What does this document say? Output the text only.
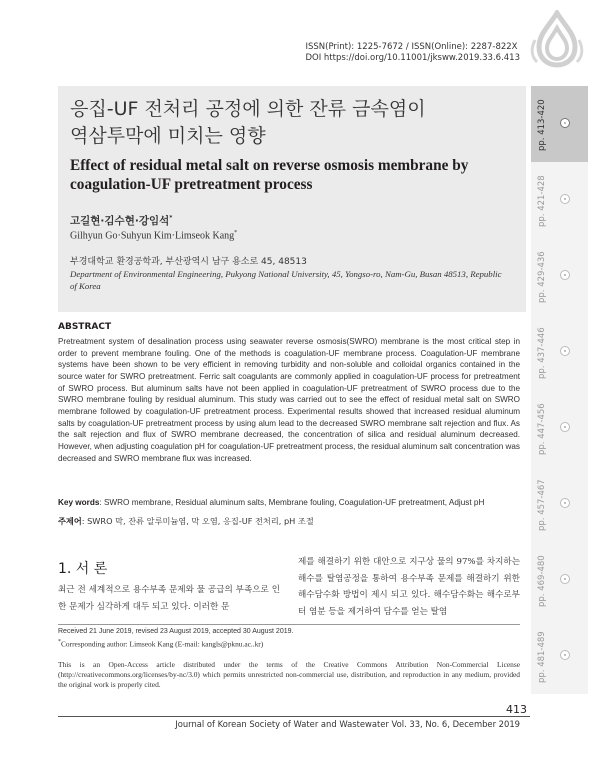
ISSN(Print): 1225-7672 / ISSN(Online): 2287-822X
DOI https://doi.org/10.11001/jksww.2019.33.6.413
응집-UF 전처리 공정에 의한 잔류 금속염이
역삼투막에 미치는 영향
Effect of residual metal salt on reverse osmosis membrane by coagulation-UF pretreatment process
고길현·김수현·강임석*
Gilhyun Go·Suhyun Kim·Limseok Kang*
부경대학교 환경공학과, 부산광역시 남구 용소로 45, 48513
Department of Environmental Engineering, Pukyong National University, 45, Yongso-ro, Nam-Gu, Busan 48513, Republic of Korea
pp. 413-420
pp. 421-428
pp. 429-436
pp. 437-446
pp. 447-456
pp. 457-467
pp. 469-480
pp. 481-489
ABSTRACT

Pretreatment system of desalination process using seawater reverse osmosis(SWRO) membrane is the most critical step in order to prevent membrane fouling. One of the methods is coagulation-UF membrane process. Coagulation-UF membrane systems have been shown to be very efficient in removing turbidity and non-soluble and colloidal organics contained in the source water for SWRO pretreatment. Ferric salt coagulants are commonly applied in coagulation-UF process for pretreatment of SWRO process. But aluminum salts have not been applied in coagulation-UF pretreatment of SWRO process due to the SWRO membrane fouling by residual aluminum. This study was carried out to see the effect of residual metal salt on SWRO membrane followed by coagulation-UF pretreatment process. Experimental results showed that increased residual aluminum salts by coagulation-UF pretreatment process by using alum lead to the decreased SWRO membrane salt rejection and flux. As the salt rejection and flux of SWRO membrane decreased, the concentration of silica and residual aluminum decreased. However, when adjusting coagulation pH for coagulation-UF pretreatment process, the residual aluminum salt concentration was decreased and SWRO membrane flux was increased.

Key words: SWRO membrane, Residual aluminum salts, Membrane fouling, Coagulation-UF pretreatment, Adjust pH
주제어: SWRO 막, 잔류 알루미늄염, 막 오염, 응집-UF 전처리, pH 조절
1. 서 론

최근 전 세계적으로 용수부족 문제와 물 공급의 부족으로 인한 문제가 심각하게 대두 되고 있다. 이러한 문

제를 해결하기 위한 대안으로 지구상 물의 97%를 차지하는 해수를 탈염공정을 통하여 용수부족 문제를 해결하기 위한 해수담수화 방법이 제시 되고 있다. 해수담수화는 해수로부터 염분 등을 제거하여 담수를 얻는 탈염

Received 21 June 2019, revised 23 August 2019, accepted 30 August 2019.
*Corresponding author: Limseok Kang (E-mail: kangls@pknu.ac..kr)

This is an Open-Access article distributed under the terms of the Creative Commons Attribution Non-Commercial License (http://creativecommons.org/licenses/by-nc/3.0) which permits unrestricted non-commercial use, distribution, and reproduction in any medium, provided the original work is properly cited.

413
Journal of Korean Society of Water and Wastewater Vol. 33, No. 6, December 2019
